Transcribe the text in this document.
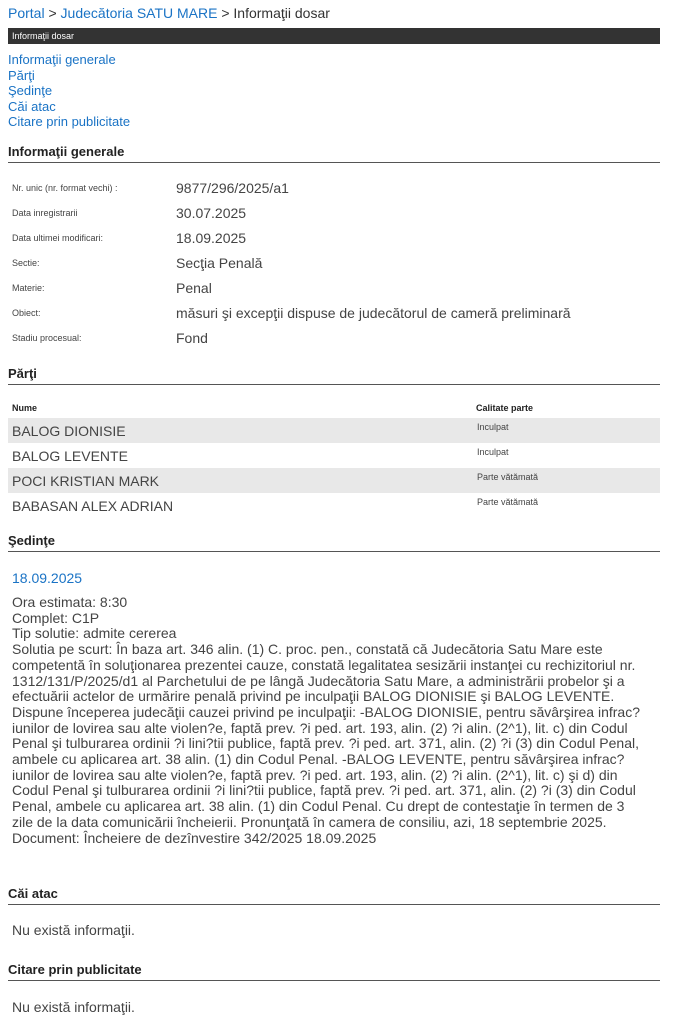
Portal > Judecătoria SATU MARE > Informaţii dosar
Informaţii dosar
Informaţii generale
Părţi
Şedinţe
Căi atac
Citare prin publicitate
Informaţii generale
Nr. unic (nr. format vechi) :	9877/296/2025/a1
Data inregistrarii	30.07.2025
Data ultimei modificari:	18.09.2025
Sectie:	Secţia Penală
Materie:	Penal
Obiect:	măsuri şi excepţii dispuse de judecătorul de cameră preliminară
Stadiu procesual:	Fond
Părţi
Nume	Calitate parte
BALOG DIONISIE	Inculpat
BALOG LEVENTE	Inculpat
POCI KRISTIAN MARK	Parte vătămată
BABASAN ALEX ADRIAN	Parte vătămată
Şedinţe
18.09.2025
Ora estimata: 8:30
Complet: C1P
Tip solutie: admite cererea
Solutia pe scurt: În baza art. 346 alin. (1) C. proc. pen., constată că Judecătoria Satu Mare este
competentă în soluţionarea prezentei cauze, constată legalitatea sesizării instanţei cu rechizitoriul nr.
1312/131/P/2025/d1 al Parchetului de pe lângă Judecătoria Satu Mare, a administrării probelor şi a
efectuării actelor de urmărire penală privind pe inculpaţii BALOG DIONISIE şi BALOG LEVENTE.
Dispune începerea judecăţii cauzei privind pe inculpaţii: -BALOG DIONISIE, pentru săvârşirea infrac?
iunilor de lovirea sau alte violen?e, faptă prev. ?i ped. art. 193, alin. (2) ?i alin. (2^1), lit. c) din Codul
Penal şi tulburarea ordinii ?i lini?tii publice, faptă prev. ?i ped. art. 371, alin. (2) ?i (3) din Codul Penal,
ambele cu aplicarea art. 38 alin. (1) din Codul Penal. -BALOG LEVENTE, pentru săvârşirea infrac?
iunilor de lovirea sau alte violen?e, faptă prev. ?i ped. art. 193, alin. (2) ?i alin. (2^1), lit. c) şi d) din
Codul Penal şi tulburarea ordinii ?i lini?tii publice, faptă prev. ?i ped. art. 371, alin. (2) ?i (3) din Codul
Penal, ambele cu aplicarea art. 38 alin. (1) din Codul Penal. Cu drept de contestaţie în termen de 3
zile de la data comunicării încheierii. Pronunţată în camera de consiliu, azi, 18 septembrie 2025.
Document: Încheiere de dezînvestire 342/2025 18.09.2025
Căi atac
Nu există informaţii.
Citare prin publicitate
Nu există informaţii.
